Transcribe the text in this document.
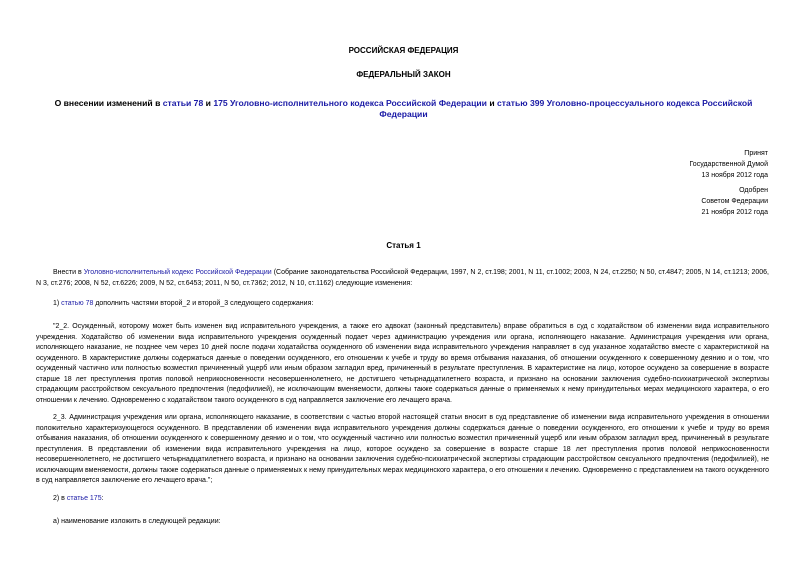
РОССИЙСКАЯ ФЕДЕРАЦИЯ
ФЕДЕРАЛЬНЫЙ ЗАКОН
О внесении изменений в статьи 78 и 175 Уголовно-исполнительного кодекса Российской Федерации и статью 399 Уголовно-процессуального кодекса Российской Федерации
Принят
Государственной Думой
13 ноября 2012 года
Одобрен
Советом Федерации
21 ноября 2012 года
Статья 1
Внести в Уголовно-исполнительный кодекс Российской Федерации (Собрание законодательства Российской Федерации, 1997, N 2, ст.198; 2001, N 11, ст.1002; 2003, N 24, ст.2250; N 50, ст.4847; 2005, N 14, ст.1213; 2006, N 3, ст.276; 2008, N 52, ст.6226; 2009, N 52, ст.6453; 2011, N 50, ст.7362; 2012, N 10, ст.1162) следующие изменения:
1) статью 78 дополнить частями второй_2 и второй_3 следующего содержания:
"2_2. Осужденный, которому может быть изменен вид исправительного учреждения, а также его адвокат (законный представитель) вправе обратиться в суд с ходатайством об изменении вида исправительного учреждения. Ходатайство об изменении вида исправительного учреждения осужденный подает через администрацию учреждения или органа, исполняющего наказание. Администрация учреждения или органа, исполняющего наказание, не позднее чем через 10 дней после подачи ходатайства осужденного об изменении вида исправительного учреждения направляет в суд указанное ходатайство вместе с характеристикой на осужденного. В характеристике должны содержаться данные о поведении осужденного, его отношении к учебе и труду во время отбывания наказания, об отношении осужденного к совершенному деянию и о том, что осужденный частично или полностью возместил причиненный ущерб или иным образом загладил вред, причиненный в результате преступления. В характеристике на лицо, которое осуждено за совершение в возрасте старше 18 лет преступления против половой неприкосновенности несовершеннолетнего, не достигшего четырнадцатилетнего возраста, и признано на основании заключения судебно-психиатрической экспертизы страдающим расстройством сексуального предпочтения (педофилией), не исключающим вменяемости, должны также содержаться данные о применяемых к нему принудительных мерах медицинского характера, о его отношении к лечению. Одновременно с ходатайством такого осужденного в суд направляется заключение его лечащего врача.
2_3. Администрация учреждения или органа, исполняющего наказание, в соответствии с частью второй настоящей статьи вносит в суд представление об изменении вида исправительного учреждения в отношении положительно характеризующегося осужденного. В представлении об изменении вида исправительного учреждения должны содержаться данные о поведении осужденного, его отношении к учебе и труду во время отбывания наказания, об отношении осужденного к совершенному деянию и о том, что осужденный частично или полностью возместил причиненный ущерб или иным образом загладил вред, причиненный в результате преступления. В представлении об изменении вида исправительного учреждения на лицо, которое осуждено за совершение в возрасте старше 18 лет преступления против половой неприкосновенности несовершеннолетнего, не достигшего четырнадцатилетнего возраста, и признано на основании заключения судебно-психиатрической экспертизы страдающим расстройством сексуального предпочтения (педофилией), не исключающим вменяемости, должны также содержаться данные о применяемых к нему принудительных мерах медицинского характера, о его отношении к лечению. Одновременно с представлением на такого осужденного в суд направляется заключение его лечащего врача.";
2) в статье 175:
а) наименование изложить в следующей редакции:
